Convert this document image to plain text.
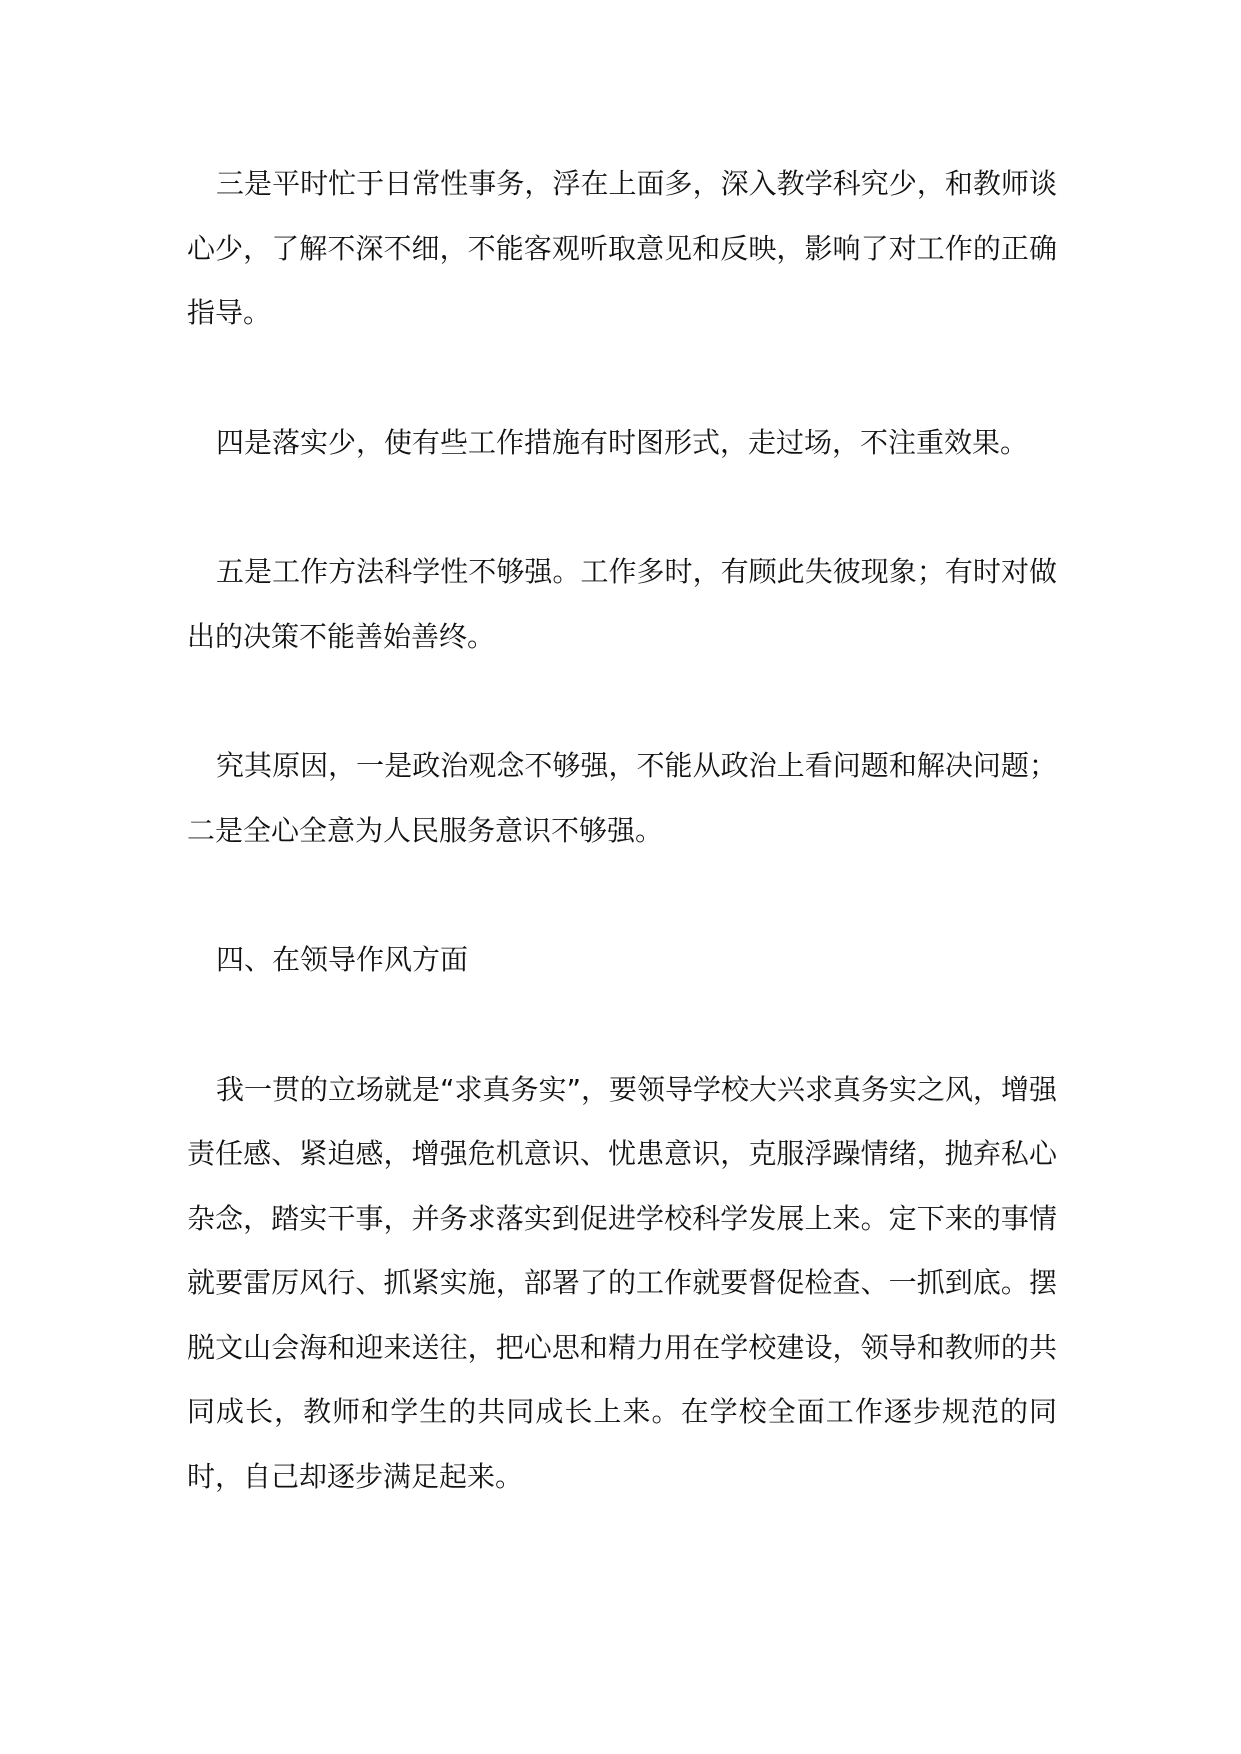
三是平时忙于日常性事务，浮在上面多，深入教学科究少，和教师谈心少，了解不深不细，不能客观听取意见和反映，影响了对工作的正确指导。

四是落实少，使有些工作措施有时图形式，走过场，不注重效果。

五是工作方法科学性不够强。工作多时，有顾此失彼现象；有时对做出的决策不能善始善终。

究其原因，一是政治观念不够强，不能从政治上看问题和解决问题；二是全心全意为人民服务意识不够强。

四、在领导作风方面

我一贯的立场就是“求真务实”，要领导学校大兴求真务实之风，增强责任感、紧迫感，增强危机意识、忧患意识，克服浮躁情绪，抛弃私心杂念，踏实干事，并务求落实到促进学校科学发展上来。定下来的事情就要雷厉风行、抓紧实施，部署了的工作就要督促检查、一抓到底。摆脱文山会海和迎来送往，把心思和精力用在学校建设，领导和教师的共同成长，教师和学生的共同成长上来。在学校全面工作逐步规范的同时，自己却逐步满足起来。
